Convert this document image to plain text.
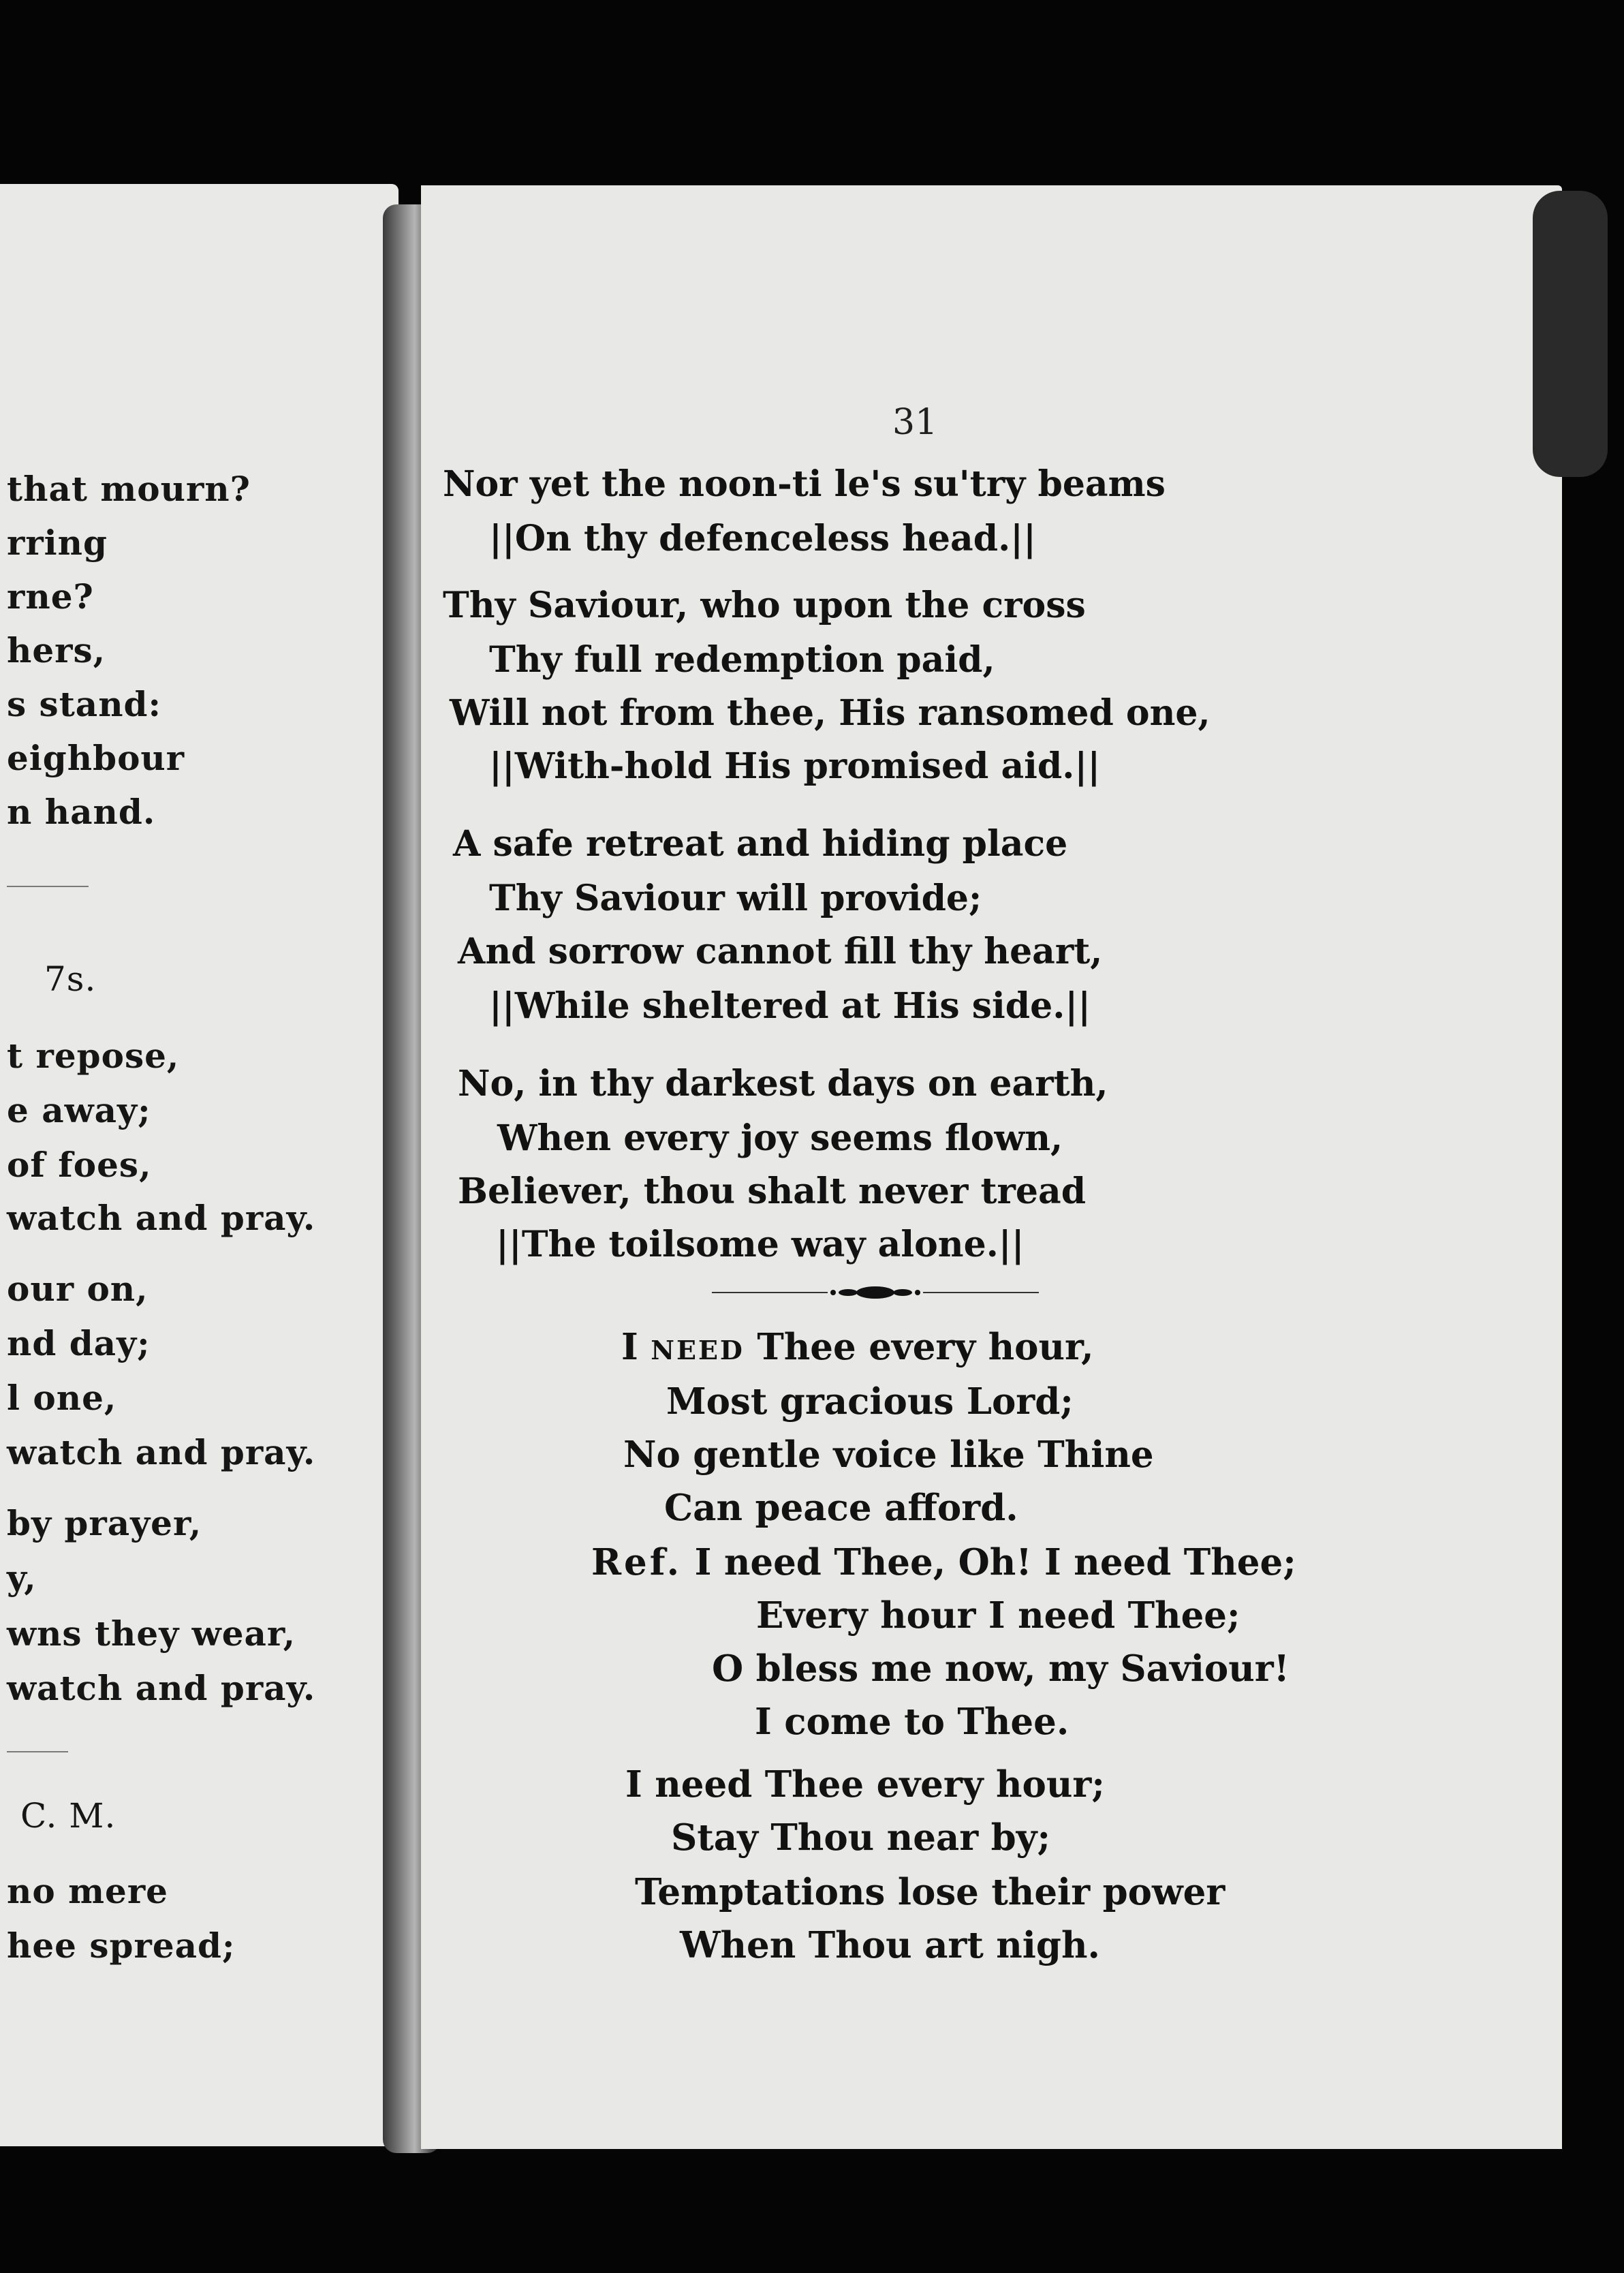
that mourn?
rring
rne?
hers,
s stand:
eighbour
n hand.
7s.
t repose,
e away;
of foes,
watch and pray.
our on,
nd day;
l one,
watch and pray.
by prayer,
y,
wns they wear,
watch and pray.
C. M.
no mere
hee spread;
31
Nor yet the noon-ti le's su'try beams
||On thy defenceless head.||
Thy Saviour, who upon the cross
Thy full redemption paid,
Will not from thee, His ransomed one,
||With-hold His promised aid.||
A safe retreat and hiding place
Thy Saviour will provide;
And sorrow cannot fill thy heart,
||While sheltered at His side.||
No, in thy darkest days on earth,
When every joy seems flown,
Believer, thou shalt never tread
||The toilsome way alone.||
I NEED Thee every hour,
Most gracious Lord;
No gentle voice like Thine
Can peace afford.
Ref. I need Thee, Oh! I need Thee;
Every hour I need Thee;
O bless me now, my Saviour!
I come to Thee.
I need Thee every hour;
Stay Thou near by;
Temptations lose their power
When Thou art nigh.
